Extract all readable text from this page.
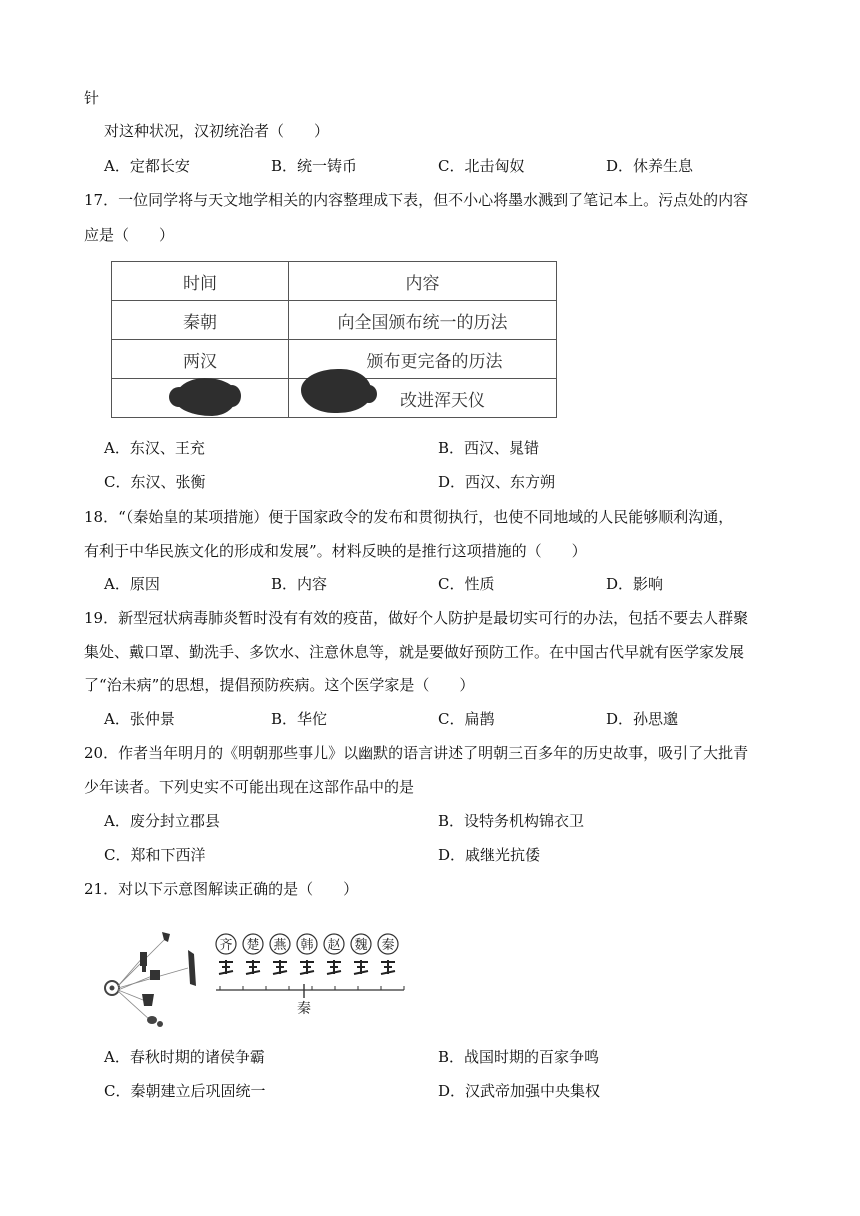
针
对这种状况，汉初统治者（　　）
A．定都长安	B．统一铸币	C．北击匈奴	D．休养生息
17．一位同学将与天文地学相关的内容整理成下表，但不小心将墨水溅到了笔记本上。污点处的内容
应是（　　）
时间	内容
秦朝	向全国颁布统一的历法
两汉	颁布更完备的历法
	改进浑天仪
A．东汉、王充	B．西汉、晁错
C．东汉、张衡	D．西汉、东方朔
18．“（秦始皇的某项措施）便于国家政令的发布和贯彻执行，也使不同地域的人民能够顺利沟通，
有利于中华民族文化的形成和发展”。材料反映的是推行这项措施的（　　）
A．原因	B．内容	C．性质	D．影响
19．新型冠状病毒肺炎暂时没有有效的疫苗，做好个人防护是最切实可行的办法，包括不要去人群聚
集处、戴口罩、勤洗手、多饮水、注意休息等，就是要做好预防工作。在中国古代早就有医学家发展
了“治未病”的思想，提倡预防疾病。这个医学家是（　　）
A．张仲景	B．华佗	C．扁鹊	D．孙思邈
20．作者当年明月的《明朝那些事儿》以幽默的语言讲述了明朝三百多年的历史故事，吸引了大批青
少年读者。下列史实不可能出现在这部作品中的是
A．废分封立郡县	B．设特务机构锦衣卫
C．郑和下西洋	D．戚继光抗倭
21．对以下示意图解读正确的是（　　）
齐 楚 燕 韩 赵 魏 秦
秦
A．春秋时期的诸侯争霸	B．战国时期的百家争鸣
C．秦朝建立后巩固统一	D．汉武帝加强中央集权
